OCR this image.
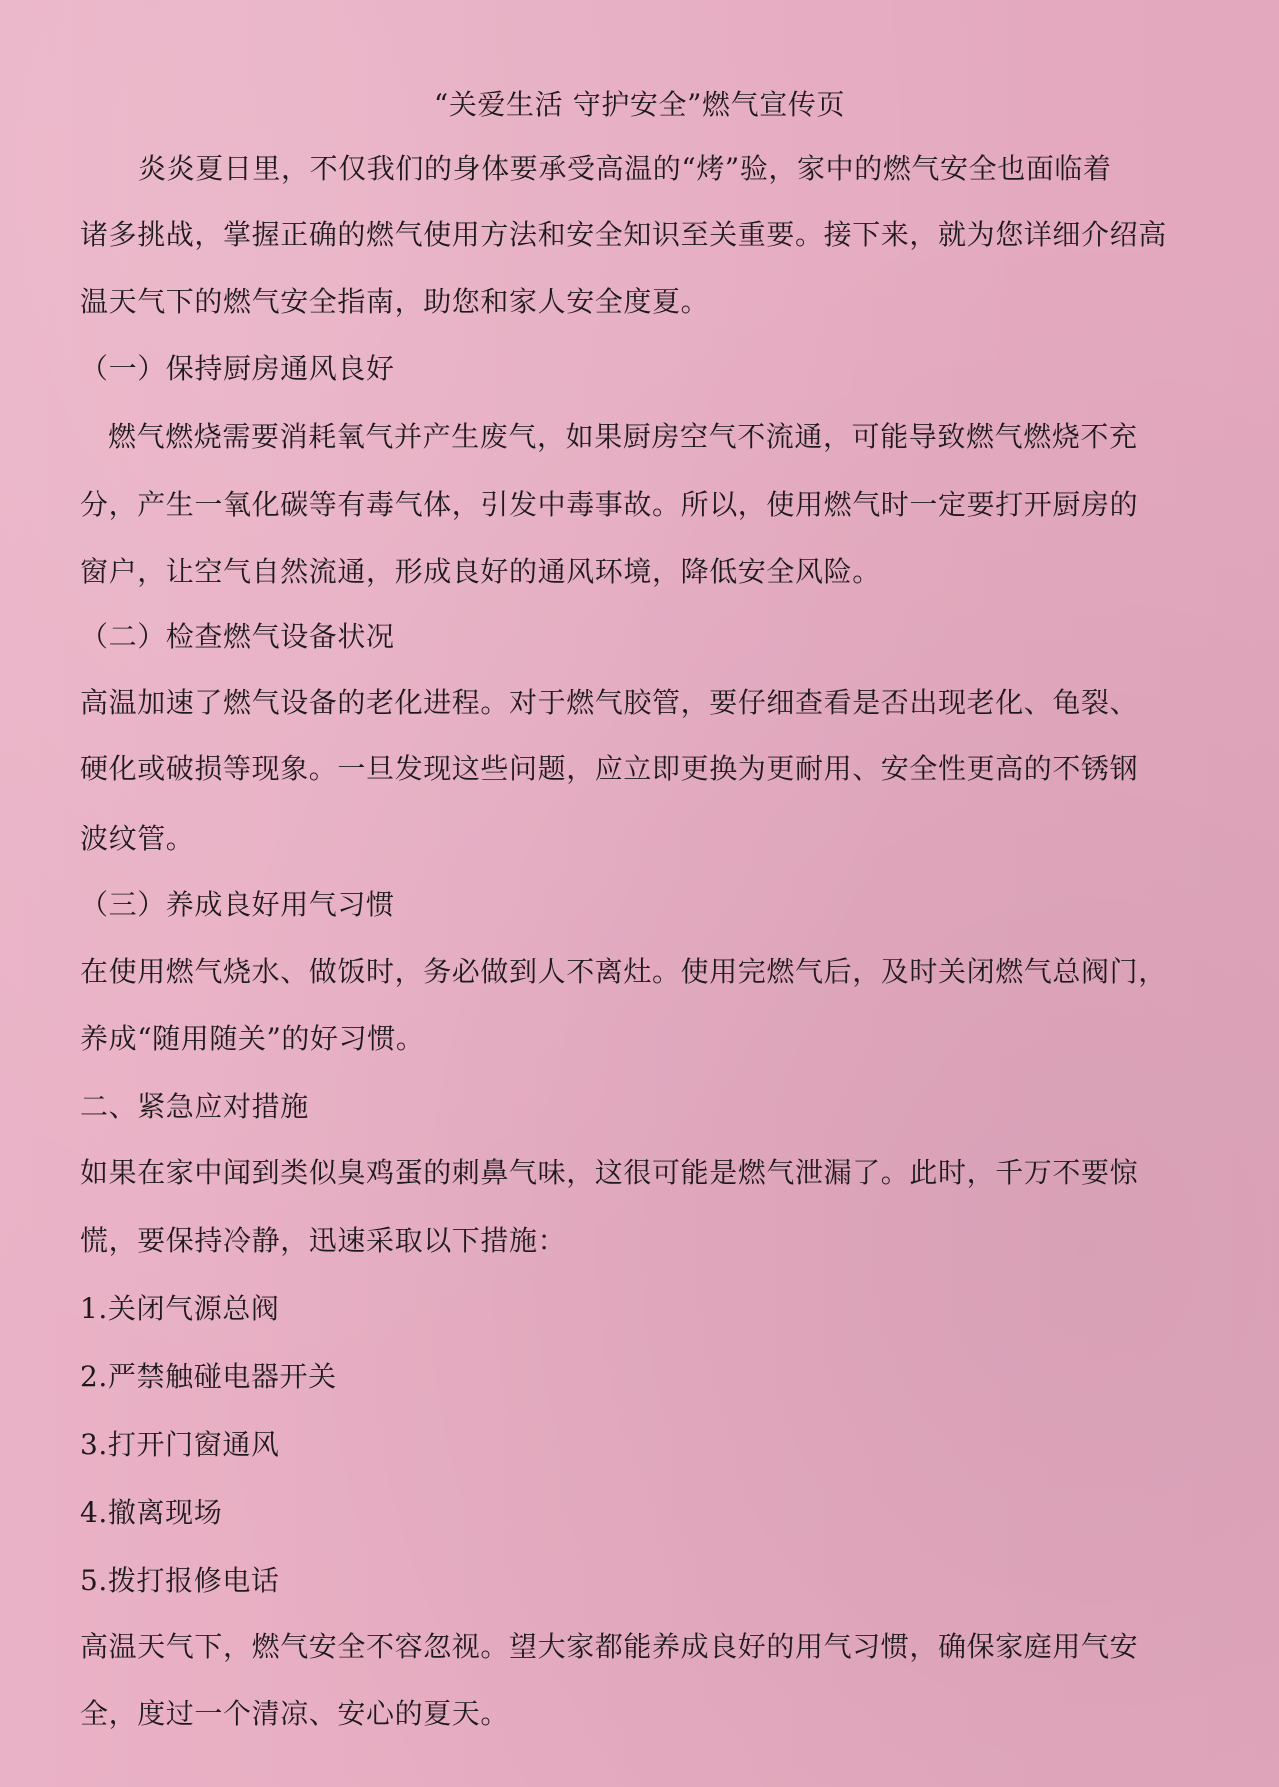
“关爱生活 守护安全”燃气宣传页
炎炎夏日里，不仅我们的身体要承受高温的“烤”验，家中的燃气安全也面临着
诸多挑战，掌握正确的燃气使用方法和安全知识至关重要。接下来，就为您详细介绍高
温天气下的燃气安全指南，助您和家人安全度夏。
（一）保持厨房通风良好
燃气燃烧需要消耗氧气并产生废气，如果厨房空气不流通，可能导致燃气燃烧不充
分，产生一氧化碳等有毒气体，引发中毒事故。所以，使用燃气时一定要打开厨房的
窗户，让空气自然流通，形成良好的通风环境，降低安全风险。
（二）检查燃气设备状况
高温加速了燃气设备的老化进程。对于燃气胶管，要仔细查看是否出现老化、龟裂、
硬化或破损等现象。一旦发现这些问题，应立即更换为更耐用、安全性更高的不锈钢
波纹管。
（三）养成良好用气习惯
在使用燃气烧水、做饭时，务必做到人不离灶。使用完燃气后，及时关闭燃气总阀门，
养成“随用随关”的好习惯。
二、紧急应对措施
如果在家中闻到类似臭鸡蛋的刺鼻气味，这很可能是燃气泄漏了。此时，千万不要惊
慌，要保持冷静，迅速采取以下措施：
1.关闭气源总阀
2.严禁触碰电器开关
3.打开门窗通风
4.撤离现场
5.拨打报修电话
高温天气下，燃气安全不容忽视。望大家都能养成良好的用气习惯，确保家庭用气安
全，度过一个清凉、安心的夏天。
